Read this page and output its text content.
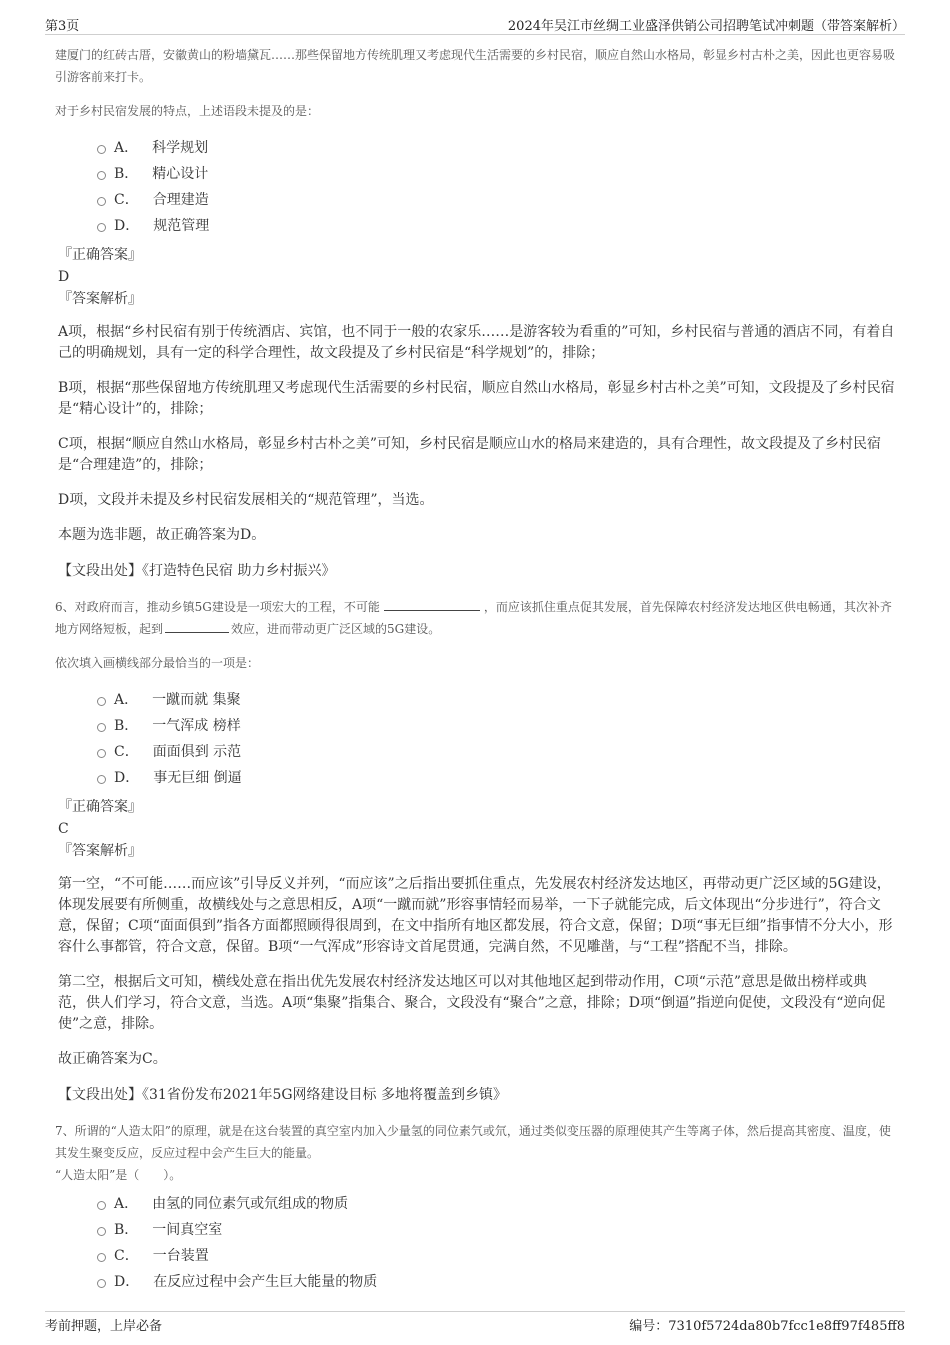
第3页	2024年吴江市丝绸工业盛泽供销公司招聘笔试冲刺题（带答案解析）

建厦门的红砖古厝，安徽黄山的粉墙黛瓦……那些保留地方传统肌理又考虑现代生活需要的乡村民宿，顺应自然山水格局，彰显乡村古朴之美，因此也更容易吸引游客前来打卡。

对于乡村民宿发展的特点，上述语段未提及的是：

A． 科学规划
B． 精心设计
C． 合理建造
D． 规范管理

『正确答案』

D

『答案解析』

A项，根据“乡村民宿有别于传统酒店、宾馆，也不同于一般的农家乐……是游客较为看重的”可知，乡村民宿与普通的酒店不同，有着自己的明确规划，具有一定的科学合理性，故文段提及了乡村民宿是“科学规划”的，排除；

B项，根据“那些保留地方传统肌理又考虑现代生活需要的乡村民宿，顺应自然山水格局，彰显乡村古朴之美”可知，文段提及了乡村民宿是“精心设计”的，排除；

C项，根据“顺应自然山水格局，彰显乡村古朴之美”可知，乡村民宿是顺应山水的格局来建造的，具有合理性，故文段提及了乡村民宿是“合理建造”的，排除；

D项，文段并未提及乡村民宿发展相关的“规范管理”，当选。

本题为选非题，故正确答案为D。

【文段出处】《打造特色民宿 助力乡村振兴》

6、对政府而言，推动乡镇5G建设是一项宏大的工程，不可能	，而应该抓住重点促其发展，首先保障农村经济发达地区供电畅通，其次补齐地方网络短板，起到	效应，进而带动更广泛区域的5G建设。

依次填入画横线部分最恰当的一项是：

A． 一蹴而就 集聚
B． 一气浑成 榜样
C． 面面俱到 示范
D． 事无巨细 倒逼

『正确答案』

C

『答案解析』

第一空，“不可能……而应该”引导反义并列，“而应该”之后指出要抓住重点，先发展农村经济发达地区，再带动更广泛区域的5G建设，体现发展要有所侧重，故横线处与之意思相反，A项“一蹴而就”形容事情轻而易举，一下子就能完成，后文体现出“分步进行”，符合文意，保留；C项“面面俱到”指各方面都照顾得很周到，在文中指所有地区都发展，符合文意，保留；D项“事无巨细”指事情不分大小，形容什么事都管，符合文意，保留。B项“一气浑成”形容诗文首尾贯通，完满自然，不见雕凿，与“工程”搭配不当，排除。

第二空，根据后文可知，横线处意在指出优先发展农村经济发达地区可以对其他地区起到带动作用，C项“示范”意思是做出榜样或典范，供人们学习，符合文意，当选。A项“集聚”指集合、聚合，文段没有“聚合”之意，排除；D项“倒逼”指逆向促使，文段没有“逆向促使”之意，排除。

故正确答案为C。

【文段出处】《31省份发布2021年5G网络建设目标 多地将覆盖到乡镇》

7、所谓的“人造太阳”的原理，就是在这台装置的真空室内加入少量氢的同位素氕或氘，通过类似变压器的原理使其产生等离子体，然后提高其密度、温度，使其发生聚变反应，反应过程中会产生巨大的能量。

“人造太阳”是（　　）。

A． 由氢的同位素氕或氘组成的物质
B． 一间真空室
C． 一台装置
D． 在反应过程中会产生巨大能量的物质
考前押题，上岸必备	编号：7310f5724da80b7fcc1e8ff97f485ff8
